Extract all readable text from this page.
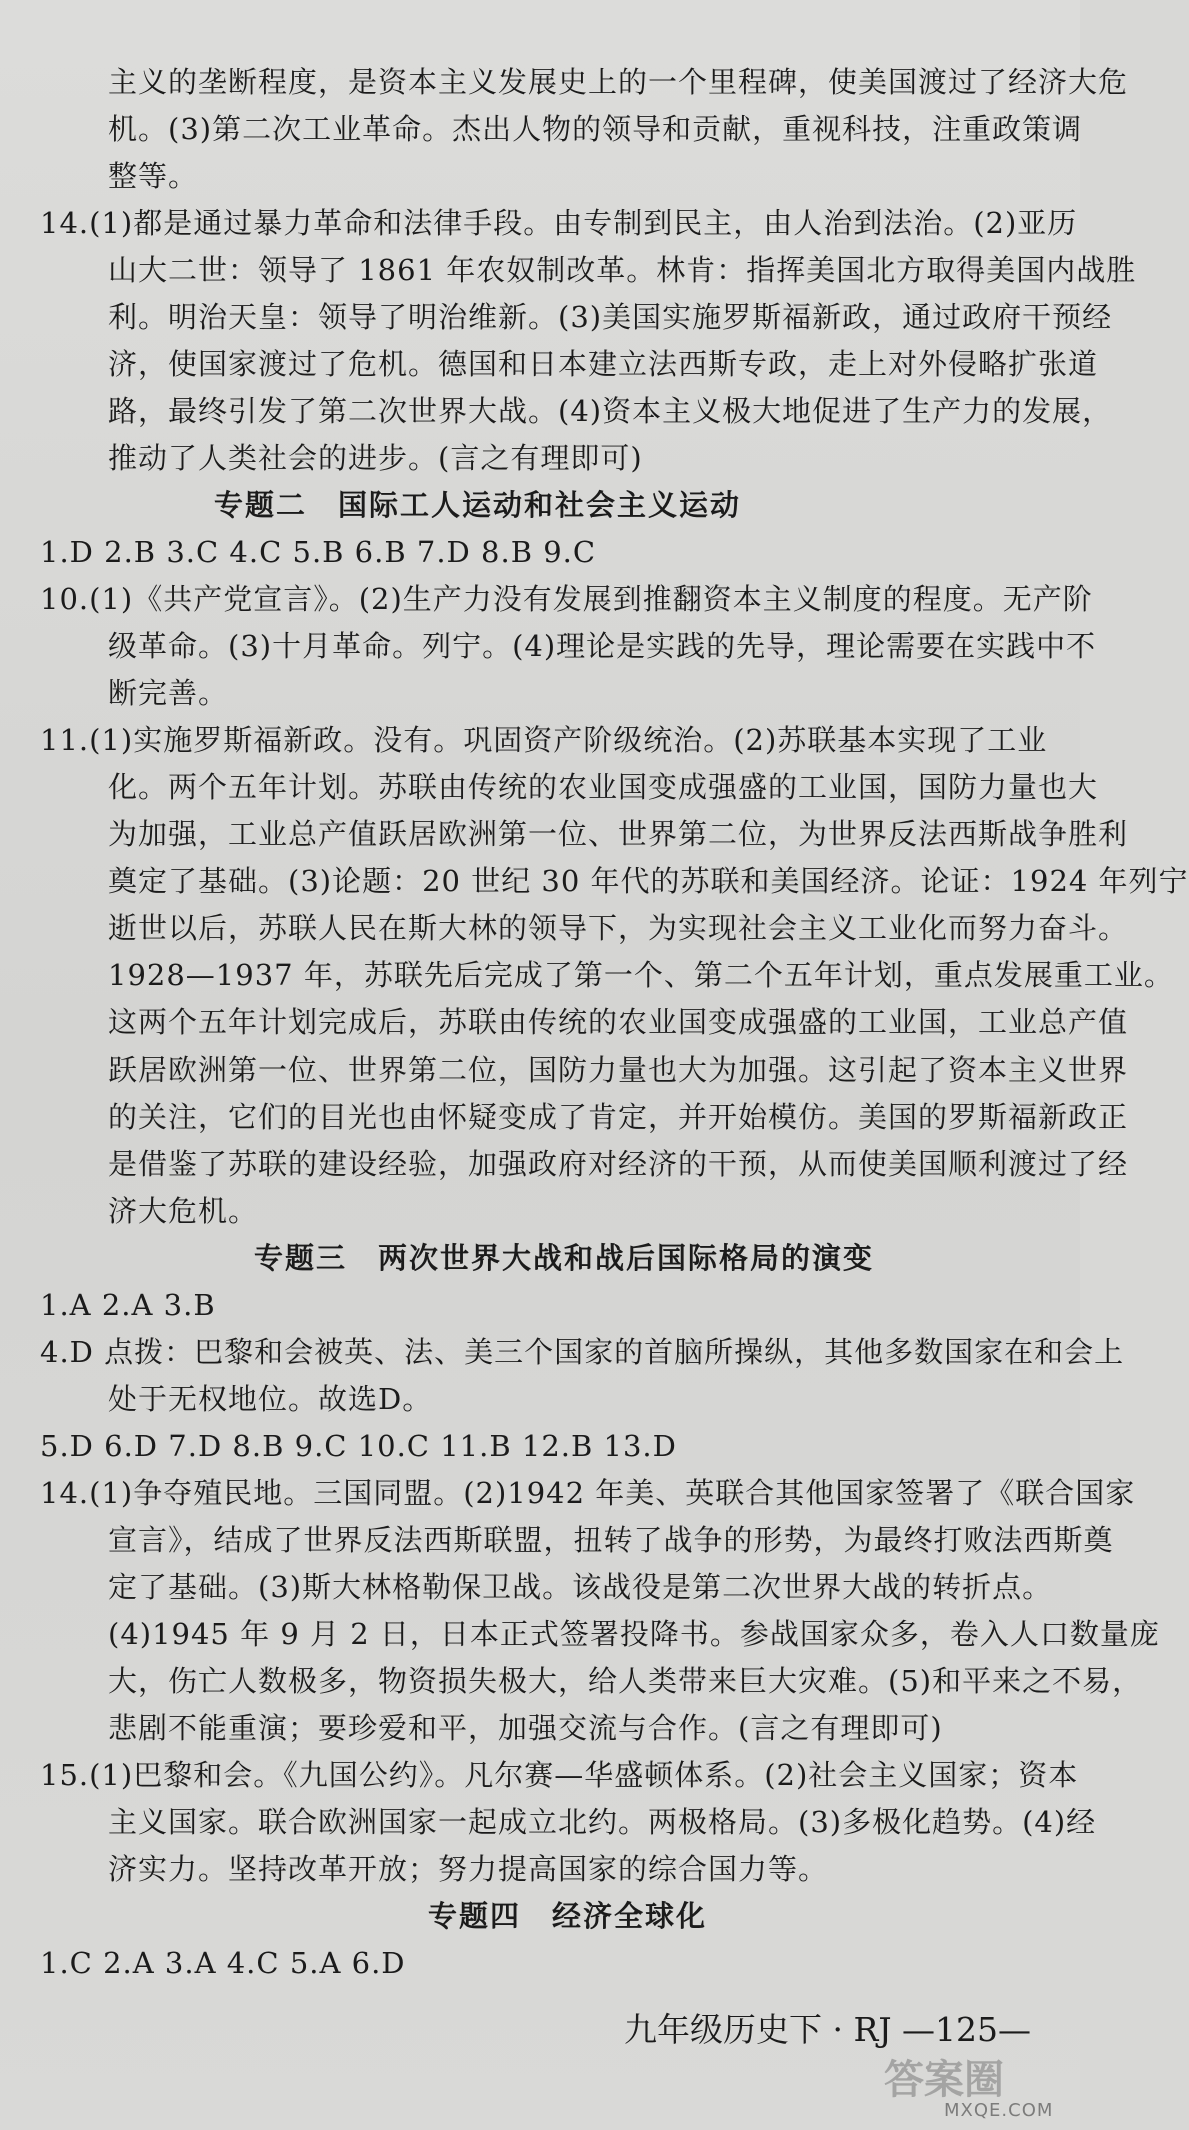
主义的垄断程度，是资本主义发展史上的一个里程碑，使美国渡过了经济大危
机。(3)第二次工业革命。杰出人物的领导和贡献，重视科技，注重政策调
整等。
14.(1)都是通过暴力革命和法律手段。由专制到民主，由人治到法治。(2)亚历
山大二世：领导了 1861 年农奴制改革。林肯：指挥美国北方取得美国内战胜
利。明治天皇：领导了明治维新。(3)美国实施罗斯福新政，通过政府干预经
济，使国家渡过了危机。德国和日本建立法西斯专政，走上对外侵略扩张道
路，最终引发了第二次世界大战。(4)资本主义极大地促进了生产力的发展，
推动了人类社会的进步。(言之有理即可)
专题二　国际工人运动和社会主义运动
1.D 2.B 3.C 4.C 5.B 6.B 7.D 8.B 9.C
10.(1)《共产党宣言》。(2)生产力没有发展到推翻资本主义制度的程度。无产阶
级革命。(3)十月革命。列宁。(4)理论是实践的先导，理论需要在实践中不
断完善。
11.(1)实施罗斯福新政。没有。巩固资产阶级统治。(2)苏联基本实现了工业
化。两个五年计划。苏联由传统的农业国变成强盛的工业国，国防力量也大
为加强，工业总产值跃居欧洲第一位、世界第二位，为世界反法西斯战争胜利
奠定了基础。(3)论题：20 世纪 30 年代的苏联和美国经济。论证：1924 年列宁
逝世以后，苏联人民在斯大林的领导下，为实现社会主义工业化而努力奋斗。
1928—1937 年，苏联先后完成了第一个、第二个五年计划，重点发展重工业。
这两个五年计划完成后，苏联由传统的农业国变成强盛的工业国，工业总产值
跃居欧洲第一位、世界第二位，国防力量也大为加强。这引起了资本主义世界
的关注，它们的目光也由怀疑变成了肯定，并开始模仿。美国的罗斯福新政正
是借鉴了苏联的建设经验，加强政府对经济的干预，从而使美国顺利渡过了经
济大危机。
专题三　两次世界大战和战后国际格局的演变
1.A 2.A 3.B
4.D 点拨：巴黎和会被英、法、美三个国家的首脑所操纵，其他多数国家在和会上
处于无权地位。故选D。
5.D 6.D 7.D 8.B 9.C 10.C 11.B 12.B 13.D
14.(1)争夺殖民地。三国同盟。(2)1942 年美、英联合其他国家签署了《联合国家
宣言》，结成了世界反法西斯联盟，扭转了战争的形势，为最终打败法西斯奠
定了基础。(3)斯大林格勒保卫战。该战役是第二次世界大战的转折点。
(4)1945 年 9 月 2 日，日本正式签署投降书。参战国家众多，卷入人口数量庞
大，伤亡人数极多，物资损失极大，给人类带来巨大灾难。(5)和平来之不易，
悲剧不能重演；要珍爱和平，加强交流与合作。(言之有理即可)
15.(1)巴黎和会。《九国公约》。凡尔赛—华盛顿体系。(2)社会主义国家；资本
主义国家。联合欧洲国家一起成立北约。两极格局。(3)多极化趋势。(4)经
济实力。坚持改革开放；努力提高国家的综合国力等。
专题四　经济全球化
1.C 2.A 3.A 4.C 5.A 6.D
九年级历史下 · RJ —125—
答案圈
MXQE.COM
